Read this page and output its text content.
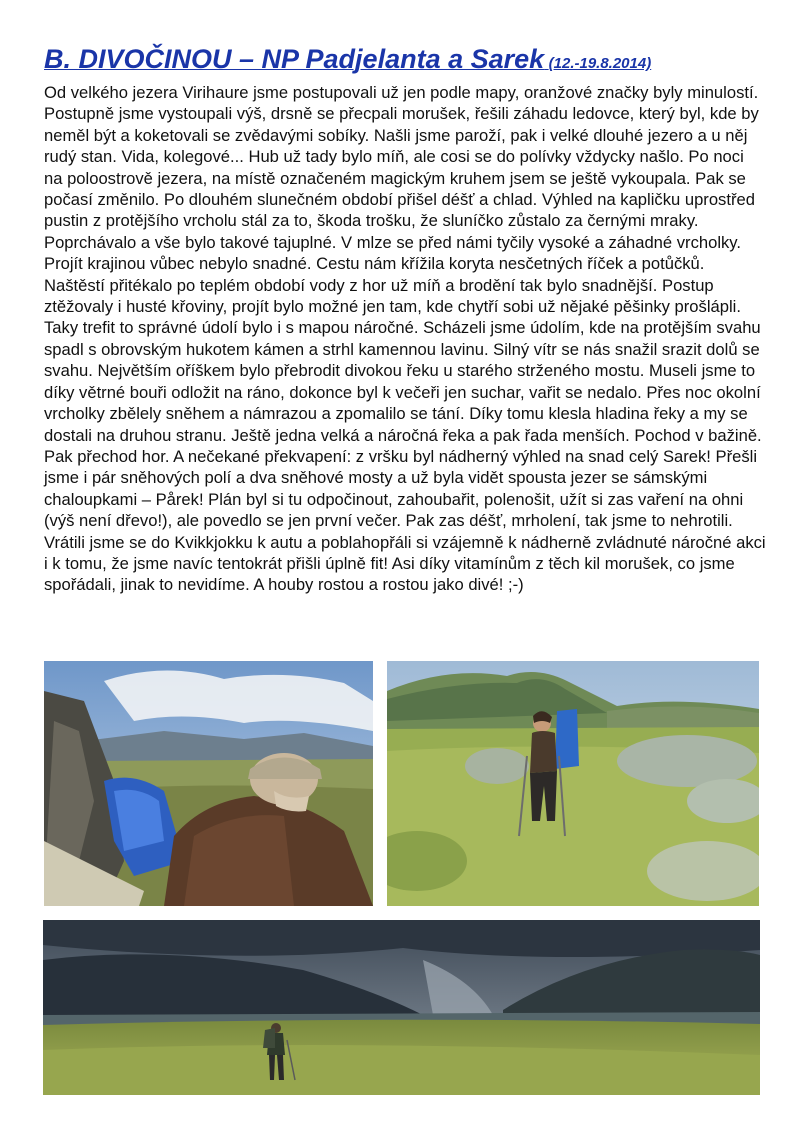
B. DIVOČINOU – NP Padjelanta a Sarek (12.-19.8.2014)

Od velkého jezera Virihaure jsme postupovali už jen podle mapy, oranžové značky byly minulostí. Postupně jsme vystoupali výš, drsně se přecpali morušek, řešili záhadu ledovce, který byl, kde by neměl být a koketovali se zvědavými sobíky. Našli jsme paroží, pak i velké dlouhé jezero a u něj rudý stan. Vida, kolegové... Hub už tady bylo míň, ale cosi se do polívky vždycky našlo. Po noci na poloostrově jezera, na místě označeném magickým kruhem jsem se ještě vykoupala. Pak se počasí změnilo. Po dlouhém slunečném období přišel déšť a chlad. Výhled na kapličku uprostřed pustin z protějšího vrcholu stál za to, škoda trošku, že sluníčko zůstalo za černými mraky. Poprchávalo a vše bylo takové tajuplné. V mlze se před námi tyčily vysoké a záhadné vrcholky. Projít krajinou vůbec nebylo snadné. Cestu nám křížila koryta nesčetných říček a potůčků. Naštěstí přitékalo po teplém období vody z hor už míň a brodění tak bylo snadnější. Postup ztěžovaly i husté křoviny, projít bylo možné jen tam, kde chytří sobi už nějaké pěšinky prošlápli. Taky trefit to správné údolí bylo i s mapou náročné. Scházeli jsme údolím, kde na protějším svahu spadl s obrovským hukotem kámen a strhl kamennou lavinu. Silný vítr se nás snažil srazit dolů se svahu. Největším oříškem bylo přebrodit divokou řeku u starého strženého mostu. Museli jsme to díky větrné bouři odložit na ráno, dokonce byl k večeři jen suchar, vařit se nedalo. Přes noc okolní vrcholky zbělely sněhem a námrazou a zpomalilo se tání. Díky tomu klesla hladina řeky a my se dostali na druhou stranu. Ještě jedna velká a náročná řeka a pak řada menších. Pochod v bažině. Pak přechod hor. A nečekané překvapení: z vršku byl nádherný výhled na snad celý Sarek! Přešli jsme i pár sněhových polí a dva sněhové mosty a už byla vidět spousta jezer se sámskými chaloupkami – Pårek! Plán byl si tu odpočinout, zahoubařit, polenošit, užít si zas vaření na ohni (výš není dřevo!), ale povedlo se jen první večer. Pak zas déšť, mrholení, tak jsme to nehrotili. Vrátili jsme se do Kvikkjokku k autu a poblahopřáli si vzájemně k nádherně zvládnuté náročné akci i k tomu, že jsme navíc tentokrát přišli úplně fit! Asi díky vitamínům z těch kil morušek, co jsme spořádali, jinak to nevidíme. A houby rostou a rostou jako divé! ;-)
